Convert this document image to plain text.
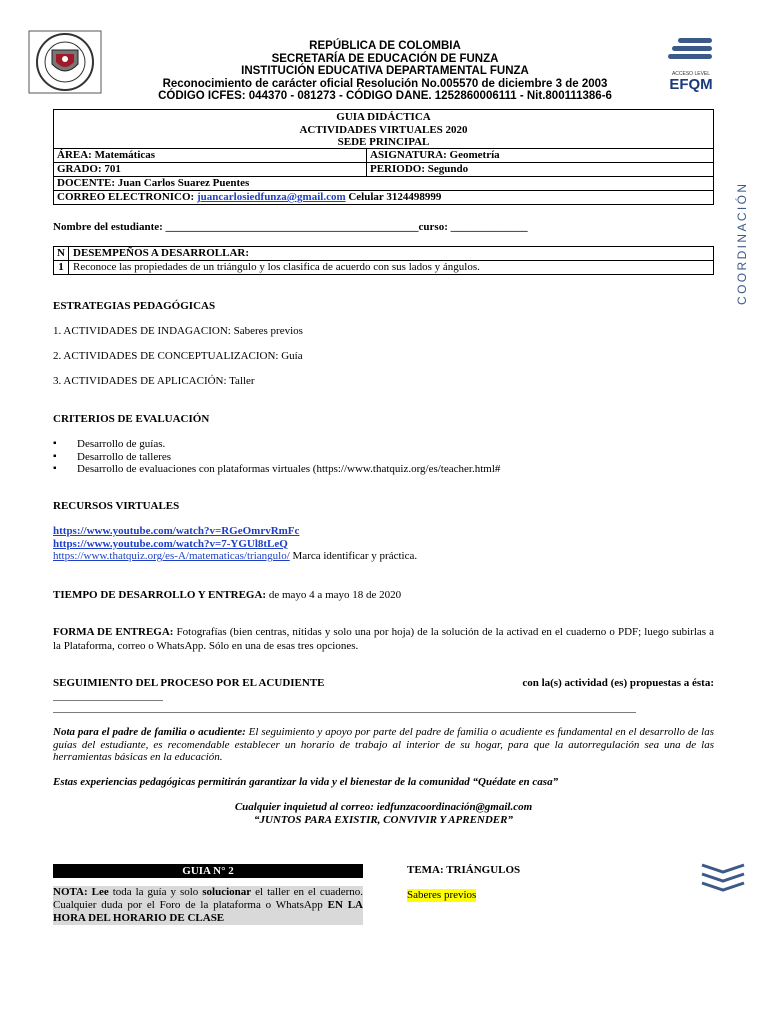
REPÚBLICA DE COLOMBIA
SECRETARÍA DE EDUCACIÓN DE FUNZA
INSTITUCIÓN EDUCATIVA DEPARTAMENTAL FUNZA
Reconocimiento de carácter oficial Resolución No.005570 de diciembre 3 de 2003
CÓDIGO ICFES: 044370 - 081273 - CÓDIGO DANE. 1252860006111 - Nit.800111386-6
ACCESO LEVEL
EFQM
COORDINACIÓN
GUIA DIDÁCTICA
ACTIVIDADES VIRTUALES 2020
SEDE PRINCIPAL
ÁREA: Matemáticas	ASIGNATURA: Geometría
GRADO: 701	PERIODO: Segundo
DOCENTE: Juan Carlos Suarez Puentes	
CORREO ELECTRONICO: juancarlosiedfunza@gmail.com Celular 3124498999	
Nombre del estudiante: ______________________________________________curso: ______________
N	DESEMPEÑOS A DESARROLLAR:
1	Reconoce las propiedades de un triángulo y los clasifica de acuerdo con sus lados y ángulos.
ESTRATEGIAS PEDAGÓGICAS
1. ACTIVIDADES DE INDAGACION: Saberes previos
2. ACTIVIDADES DE CONCEPTUALIZACION: Guía
3. ACTIVIDADES DE APLICACIÓN: Taller
CRITERIOS DE EVALUACIÓN
▪ Desarrollo de guías.
▪ Desarrollo de talleres
▪ Desarrollo de evaluaciones con plataformas virtuales (https://www.thatquiz.org/es/teacher.html#
RECURSOS VIRTUALES
https://www.youtube.com/watch?v=RGeOmrvRmFc
https://www.youtube.com/watch?v=7-YGUl8tLeQ
https://www.thatquiz.org/es-A/matematicas/triangulo/ Marca identificar y práctica.
TIEMPO DE DESARROLLO Y ENTREGA: de mayo 4 a mayo 18 de 2020
FORMA DE ENTREGA: Fotografías (bien centras, nítidas y solo una por hoja) de la solución de la activad en el cuaderno o PDF; luego subirlas a la Plataforma, correo o WhatsApp. Sólo en una de esas tres opciones.
SEGUIMIENTO DEL PROCESO POR EL ACUDIENTE	con la(s) actividad (es) propuestas a ésta:
____________________
__________________________________________________________________________________________________________
Nota para el padre de familia o acudiente: El seguimiento y apoyo por parte del padre de familia o acudiente es fundamental en el desarrollo de las guías del estudiante, es recomendable establecer un horario de trabajo al interior de su hogar, para que la autorregulación sea una de las herramientas básicas en la educación.
Estas experiencias pedagógicas permitirán garantizar la vida y el bienestar de la comunidad “Quédate en casa”
Cualquier inquietud al correo: iedfunzacoordinación@gmail.com
“JUNTOS PARA EXISTIR, CONVIVIR Y APRENDER”
GUIA N° 2
NOTA: Lee toda la guía y solo solucionar el taller en el cuaderno. Cualquier duda por el Foro de la plataforma o WhatsApp EN LA HORA DEL HORARIO DE CLASE
TEMA: TRIÁNGULOS
Saberes previos
